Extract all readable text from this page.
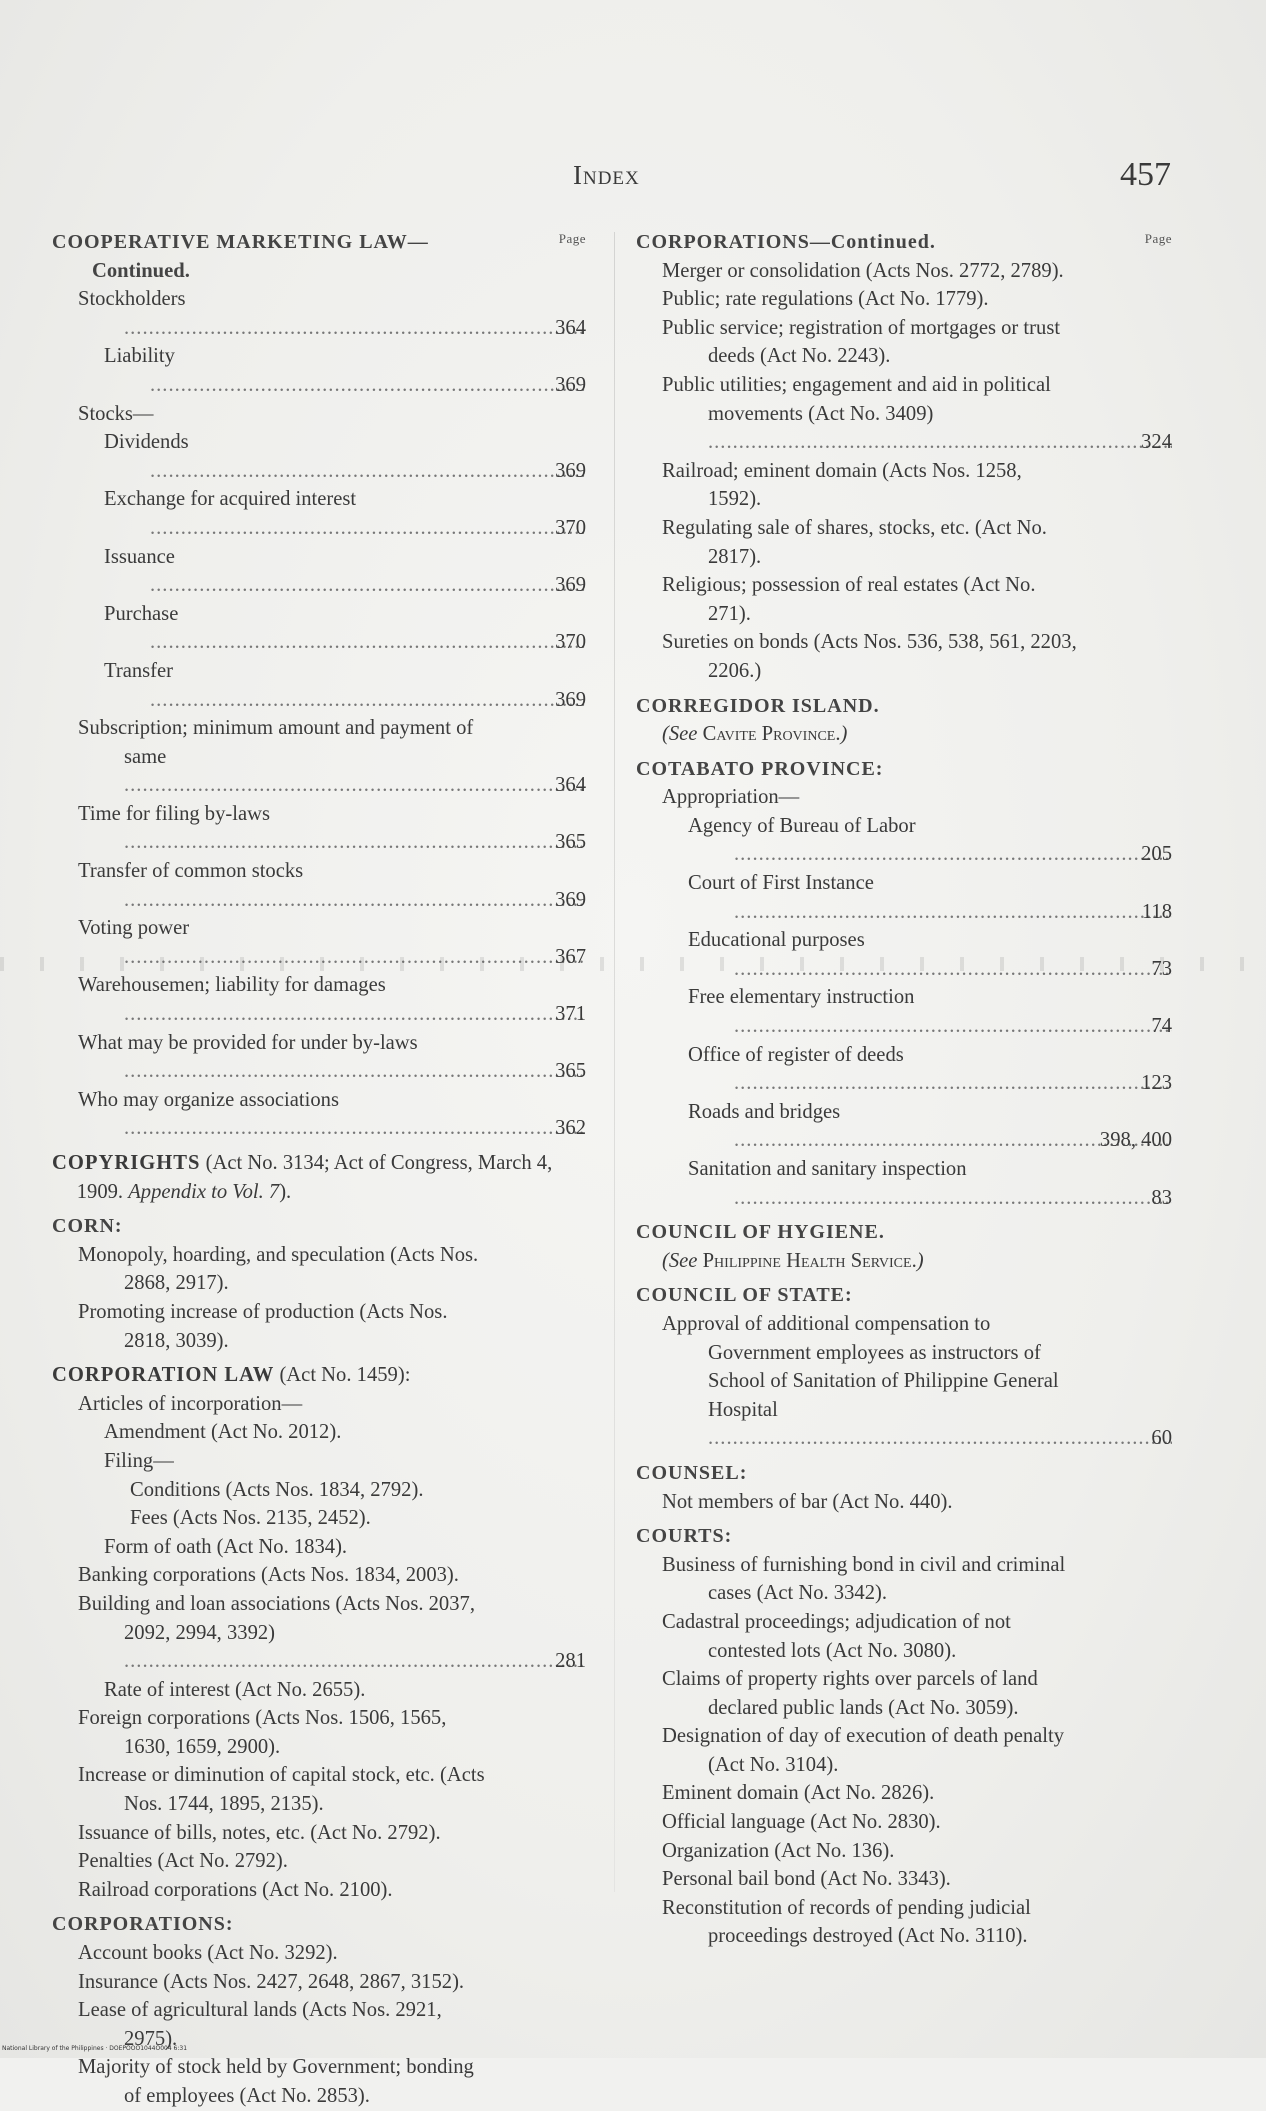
Index	457
Page
COOPERATIVE MARKETING LAW—
Continued.
Stockholders .....
364
Liability .....
369
Stocks—
Dividends .....
369
Exchange for acquired interest .....
370
Issuance .....
369
Purchase .....
370
Transfer .....
369
Subscription; minimum amount and payment of same .....
364
Time for filing by-laws .....
365
Transfer of common stocks .....
369
Voting power .....
367
Warehousemen; liability for damages .....
371
What may be provided for under by-laws .....
365
Who may organize associations .....
362
COPYRIGHTS (Act No. 3134; Act of Congress, March 4, 1909. Appendix to Vol. 7).
CORN:
Monopoly, hoarding, and speculation (Acts Nos. 2868, 2917).
Promoting increase of production (Acts Nos. 2818, 3039).
CORPORATION LAW (Act No. 1459):
Articles of incorporation—
Amendment (Act No. 2012).
Filing—
Conditions (Acts Nos. 1834, 2792).
Fees (Acts Nos. 2135, 2452).
Form of oath (Act No. 1834).
Banking corporations (Acts Nos. 1834, 2003).
Building and loan associations (Acts Nos. 2037, 2092, 2994, 3392) .....
281
Rate of interest (Act No. 2655).
Foreign corporations (Acts Nos. 1506, 1565, 1630, 1659, 2900).
Increase or diminution of capital stock, etc. (Acts Nos. 1744, 1895, 2135).
Issuance of bills, notes, etc. (Act No. 2792).
Penalties (Act No. 2792).
Railroad corporations (Act No. 2100).
CORPORATIONS:
Account books (Act No. 3292).
Insurance (Acts Nos. 2427, 2648, 2867, 3152).
Lease of agricultural lands (Acts Nos. 2921, 2975).
Majority of stock held by Government; bonding of employees (Act No. 2853).
Page
CORPORATIONS—Continued.
Merger or consolidation (Acts Nos. 2772, 2789).
Public; rate regulations (Act No. 1779).
Public service; registration of mortgages or trust deeds (Act No. 2243).
Public utilities; engagement and aid in political movements (Act No. 3409) .....
324
Railroad; eminent domain (Acts Nos. 1258, 1592).
Regulating sale of shares, stocks, etc. (Act No. 2817).
Religious; possession of real estates (Act No. 271).
Sureties on bonds (Acts Nos. 536, 538, 561, 2203, 2206.)
CORREGIDOR ISLAND.
(See Cavite Province.)
COTABATO PROVINCE:
Appropriation—
Agency of Bureau of Labor .....
205
Court of First Instance .....
118
Educational purposes .....
73
Free elementary instruction .....
74
Office of register of deeds .....
123
Roads and bridges .....
398, 400
Sanitation and sanitary inspection .....
83
COUNCIL OF HYGIENE.
(See Philippine Health Service.)
COUNCIL OF STATE:
Approval of additional compensation to Government employees as instructors of School of Sanitation of Philippine General Hospital .....
60
COUNSEL:
Not members of bar (Act No. 440).
COURTS:
Business of furnishing bond in civil and criminal cases (Act No. 3342).
Cadastral proceedings; adjudication of not contested lots (Act No. 3080).
Claims of property rights over parcels of land declared public lands (Act No. 3059).
Designation of day of execution of death penalty (Act No. 3104).
Eminent domain (Act No. 2826).
Official language (Act No. 2830).
Organization (Act No. 136).
Personal bail bond (Act No. 3343).
Reconstitution of records of pending judicial proceedings destroyed (Act No. 3110).
National Library of the Philippines · DOEPOOO1044O004 6:31
